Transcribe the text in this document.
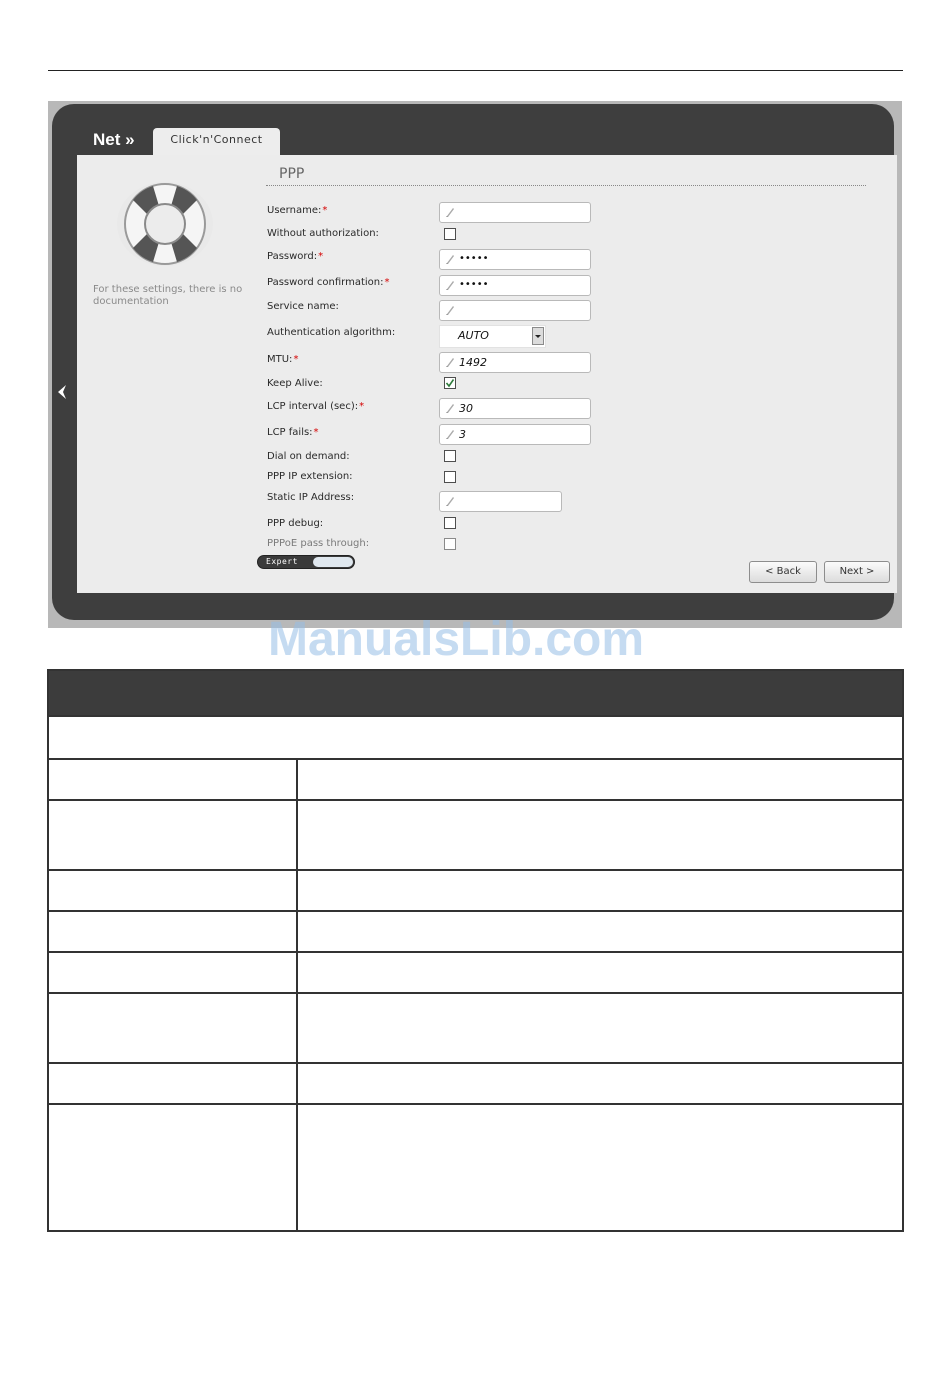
Net »	Click'n'Connect
For these settings, there is no documentation
PPP
Username:*
Without authorization:
Password:*	•••••
Password confirmation:*	•••••
Service name:
Authentication algorithm:	AUTO
MTU:*	1492
Keep Alive:
LCP interval (sec):*	30
LCP fails:*	3
Dial on demand:
PPP IP extension:
Static IP Address:
PPP debug:
PPPoE pass through:
Expert
< Back	Next >
ManualsLib.com
